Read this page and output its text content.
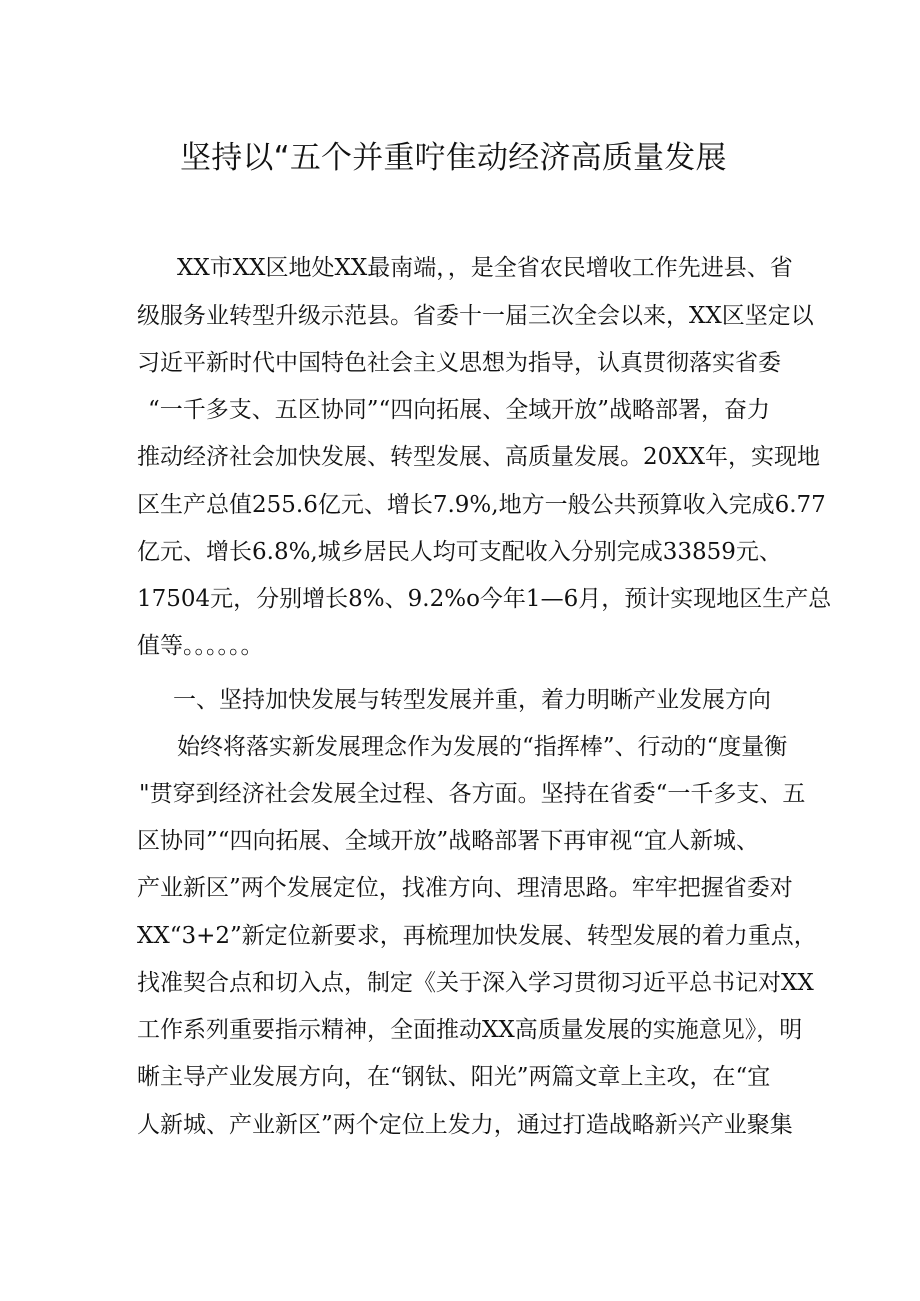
坚持以“五个并重咛隹动经济高质量发展

XX市XX区地处XX最南端，，是全省农民增收工作先进县、省

级服务业转型升级示范县。省委十一届三次全会以来，XX区坚定以

习近平新时代中国特色社会主义思想为指导，认真贯彻落实省委

“一千多支、五区协同”“四向拓展、全域开放”战略部署，奋力

推动经济社会加快发展、转型发展、高质量发展。20XX年，实现地

区生产总值255.6亿元、增长7.9%,地方一般公共预算收入完成6.77

亿元、增长6.8%,城乡居民人均可支配收入分别完成33859元、

17504元，分别增长8%、9.2%o今年1—6月，预计实现地区生产总

值等。。。。。。

一、坚持加快发展与转型发展并重，着力明晰产业发展方向

始终将落实新发展理念作为发展的“指挥棒”、行动的“度量衡

"贯穿到经济社会发展全过程、各方面。坚持在省委“一千多支、五

区协同”“四向拓展、全域开放”战略部署下再审视“宜人新城、

产业新区”两个发展定位，找准方向、理清思路。牢牢把握省委对

XX“3+2”新定位新要求，再梳理加快发展、转型发展的着力重点，

找准契合点和切入点，制定《关于深入学习贯彻习近平总书记对XX

工作系列重要指示精神，全面推动XX高质量发展的实施意见》，明

晰主导产业发展方向，在“钢钛、阳光”两篇文章上主攻，在“宜

人新城、产业新区”两个定位上发力，通过打造战略新兴产业聚集
